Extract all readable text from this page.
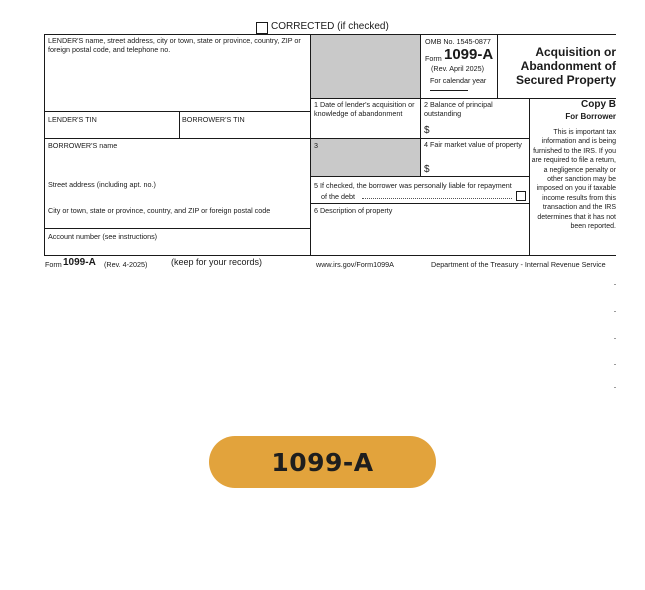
CORRECTED (if checked)
LENDER'S name, street address, city or town, state or province, country, ZIP or foreign postal code, and telephone no.
OMB No. 1545-0877
Form 1099-A
(Rev. April 2025)
For calendar year
Acquisition or
Abandonment of
Secured Property
LENDER'S TIN	BORROWER'S TIN
1 Date of lender's acquisition or knowledge of abandonment
2 Balance of principal outstanding
$
3	4 Fair market value of property
$
5 If checked, the borrower was personally liable for repayment
of the debt
6 Description of property
BORROWER'S name
Street address (including apt. no.)
City or town, state or province, country, and ZIP or foreign postal code
Account number (see instructions)
Copy B
For Borrower
This is important tax information and is being furnished to the IRS. If you are required to file a return, a negligence penalty or other sanction may be imposed on you if taxable income results from this transaction and the IRS determines that it has not been reported.
Form 1099-A (Rev. 4-2025)	(keep for your records)	www.irs.gov/Form1099A	Department of the Treasury - Internal Revenue Service
1099-A
